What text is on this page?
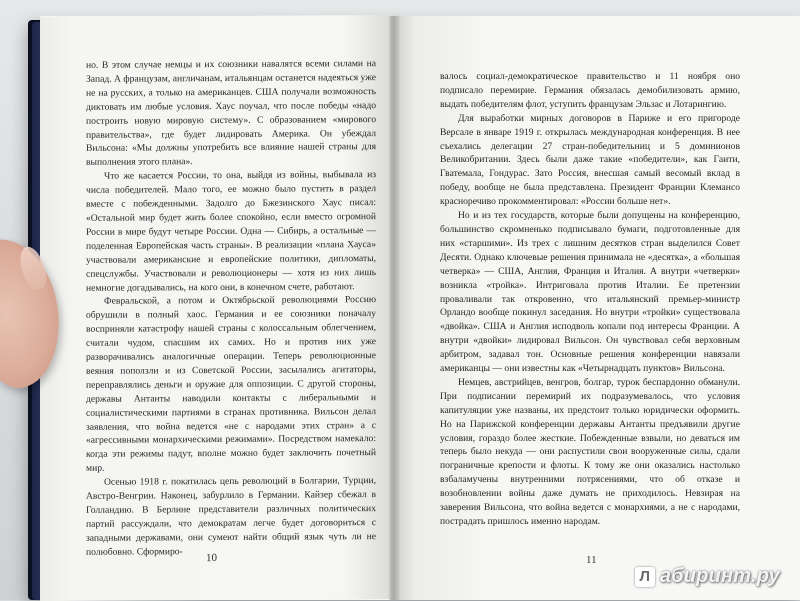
но. В этом случае немцы и их союзники навалятся всеми силами на Запад. А французам, англичанам, итальянцам останется надеяться уже не на русских, а только на американцев. США получали возможность диктовать им любые условия. Хаус поучал, что после победы «надо построить новую мировую систему». С образованием «мирового правительства», где будет лидировать Америка. Он убеждал Вильсона: «Мы должны употребить все влияние нашей страны для выполнения этого плана».

Что же касается России, то она, выйдя из войны, выбывала из числа победителей. Мало того, ее можно было пустить в раздел вместе с побежденными. Задолго до Бжезинского Хаус писал: «Остальной мир будет жить более спокойно, если вместо огромной России в мире будут четыре России. Одна — Сибирь, а остальные — поделенная Европейская часть страны». В реализации «плана Хауса» участвовали американские и европейские политики, дипломаты, спецслужбы. Участвовали и революционеры — хотя из них лишь немногие догадывались, на кого они, в конечном счете, работают.

Февральской, а потом и Октябрьской революциями Россию обрушили в полный хаос. Германия и ее союзники поначалу восприняли катастрофу нашей страны с колоссальным облегчением, считали чудом, спасшим их самих. Но и против них уже разворачивались аналогичные операции. Теперь революционные веяния поползли и из Советской России, засылались агитаторы, переправлялись деньги и оружие для оппозиции. С другой стороны, державы Антанты наводили контакты с либеральными и социалистическими партиями в странах противника. Вильсон делал заявления, что война ведется «не с народами этих стран» а с «агрессивными монархическими режимами». Посредством намекало: когда эти режимы падут, вполне можно будет заключить почетный мир.

Осенью 1918 г. покатилась цепь революций в Болгарии, Турции, Австро-Венгрии. Наконец, забурлило в Германии. Кайзер сбежал в Голландию. В Берлине представители различных политических партий рассуждали, что демократам легче будет договориться с западными державами, они сумеют найти общий язык чуть ли не полюбовно. Сформиро-

10

валось социал-демократическое правительство и 11 ноября оно подписало перемирие. Германия обязалась демобилизовать армию, выдать победителям флот, уступить французам Эльзас и Лотарингию.

Для выработки мирных договоров в Париже и его пригороде Версале в январе 1919 г. открылась международная конференция. В нее съехались делегации 27 стран-победительниц и 5 доминионов Великобритании. Здесь были даже такие «победители», как Гаити, Гватемала, Гондурас. Зато Россия, внесшая самый весомый вклад в победу, вообще не была представлена. Президент Франции Клемансо красноречиво прокомментировал: «России больше нет».

Но и из тех государств, которые были допущены на конференцию, большинство скромненько подписывало бумаги, подготовленные для них «старшими». Из трех с лишним десятков стран выделился Совет Десяти. Однако ключевые решения принимала не «десятка», а «большая четверка» — США, Англия, Франция и Италия. А внутри «четверки» возникла «тройка». Интриговала против Италии. Ее претензии проваливали так откровенно, что итальянский премьер-министр Орландо вообще покинул заседания. Но внутри «тройки» существовала «двойка». США и Англия исподволь копали под интересы Франции. А внутри «двойки» лидировал Вильсон. Он чувствовал себя верховным арбитром, задавал тон. Основные решения конференции навязали американцы — они известны как «Четырнадцать пунктов» Вильсона.

Немцев, австрийцев, венгров, болгар, турок беспардонно обманули. При подписании перемирий их подразумевалось, что условия капитуляции уже названы, их предстоит только юридически оформить. Но на Парижской конференции державы Антанты предъявили другие условия, гораздо более жесткие. Побежденные взвыли, но деваться им теперь было некуда — они распустили свои вооруженные силы, сдали пограничные крепости и флоты. К тому же они оказались настолько взбаламучены внутренними потрясениями, что об отказе и возобновлении войны даже думать не приходилось. Невзирая на заверения Вильсона, что война ведется с монархиями, а не с народами, пострадать пришлось именно народам.

11
Л абиринт.ру
